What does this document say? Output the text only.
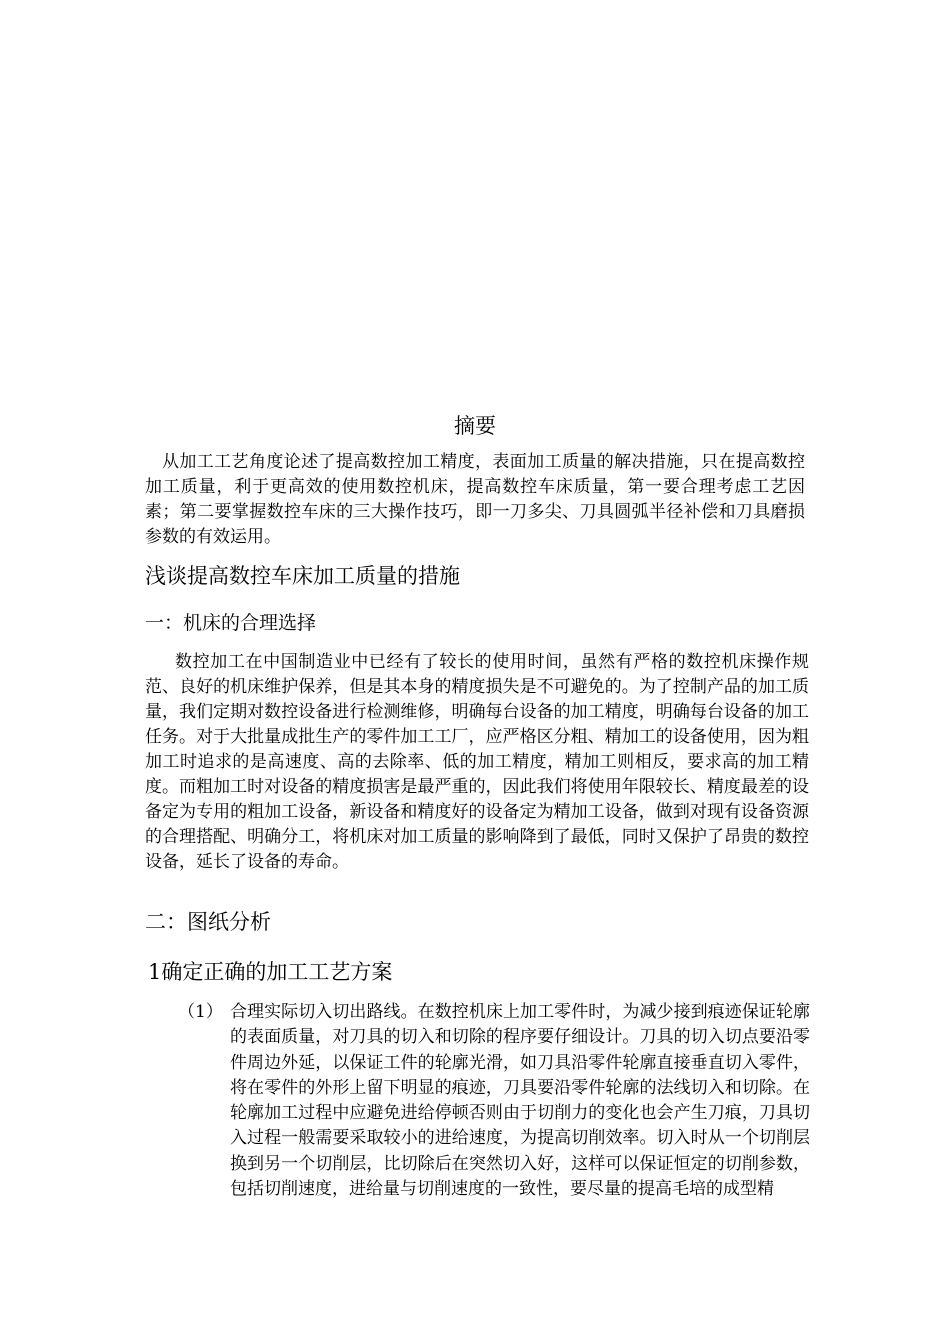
摘要
从加工工艺角度论述了提高数控加工精度，表面加工质量的解决措施，只在提高数控加工质量，利于更高效的使用数控机床，提高数控车床质量，第一要合理考虑工艺因素；第二要掌握数控车床的三大操作技巧，即一刀多尖、刀具圆弧半径补偿和刀具磨损参数的有效运用。
浅谈提高数控车床加工质量的措施
一：机床的合理选择
数控加工在中国制造业中已经有了较长的使用时间，虽然有严格的数控机床操作规范、良好的机床维护保养，但是其本身的精度损失是不可避免的。为了控制产品的加工质量，我们定期对数控设备进行检测维修，明确每台设备的加工精度，明确每台设备的加工任务。对于大批量成批生产的零件加工工厂，应严格区分粗、精加工的设备使用，因为粗加工时追求的是高速度、高的去除率、低的加工精度，精加工则相反，要求高的加工精度。而粗加工时对设备的精度损害是最严重的，因此我们将使用年限较长、精度最差的设备定为专用的粗加工设备，新设备和精度好的设备定为精加工设备，做到对现有设备资源的合理搭配、明确分工，将机床对加工质量的影响降到了最低，同时又保护了昂贵的数控设备，延长了设备的寿命。
二：图纸分析
1确定正确的加工工艺方案
（1） 合理实际切入切出路线。在数控机床上加工零件时，为减少接到痕迹保证轮廓的表面质量，对刀具的切入和切除的程序要仔细设计。刀具的切入切点要沿零件周边外延，以保证工件的轮廓光滑，如刀具沿零件轮廓直接垂直切入零件，将在零件的外形上留下明显的痕迹，刀具要沿零件轮廓的法线切入和切除。在轮廓加工过程中应避免进给停顿否则由于切削力的变化也会产生刀痕，刀具切入过程一般需要采取较小的进给速度，为提高切削效率。切入时从一个切削层换到另一个切削层，比切除后在突然切入好，这样可以保证恒定的切削参数，包括切削速度，进给量与切削速度的一致性，要尽量的提高毛培的成型精
